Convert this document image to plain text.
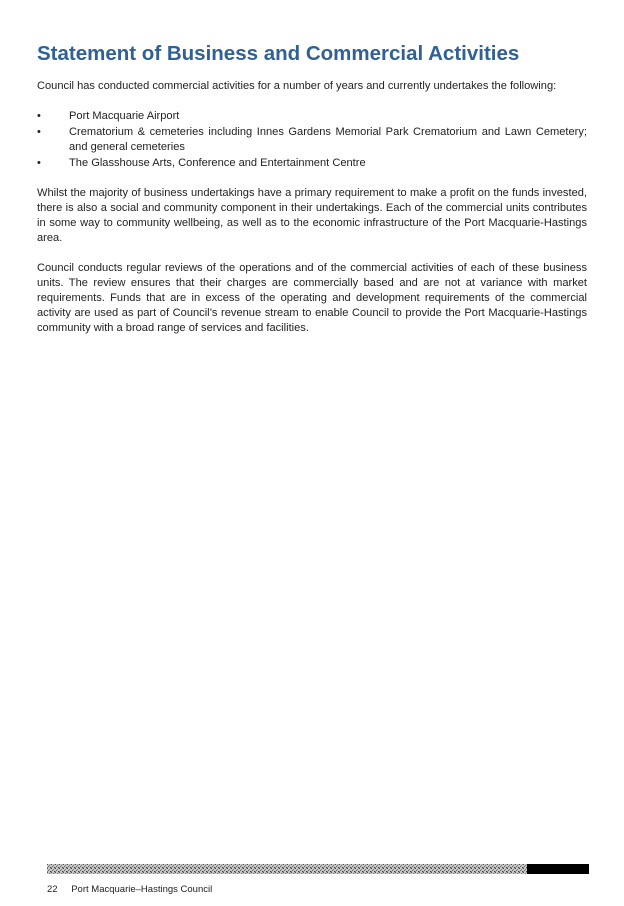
Statement of Business and Commercial Activities

Council has conducted commercial activities for a number of years and currently undertakes the following:

•	Port Macquarie Airport
•	Crematorium & cemeteries including Innes Gardens Memorial Park Crematorium and Lawn Cemetery; and general cemeteries
•	The Glasshouse Arts, Conference and Entertainment Centre

Whilst the majority of business undertakings have a primary requirement to make a profit on the funds invested, there is also a social and community component in their undertakings. Each of the commercial units contributes in some way to community wellbeing, as well as to the economic infrastructure of the Port Macquarie-Hastings area.

Council conducts regular reviews of the operations and of the commercial activities of each of these business units. The review ensures that their charges are commercially based and are not at variance with market requirements. Funds that are in excess of the operating and development requirements of the commercial activity are used as part of Council’s revenue stream to enable Council to provide the Port Macquarie-Hastings community with a broad range of services and facilities.

22 Port Macquarie–Hastings Council
